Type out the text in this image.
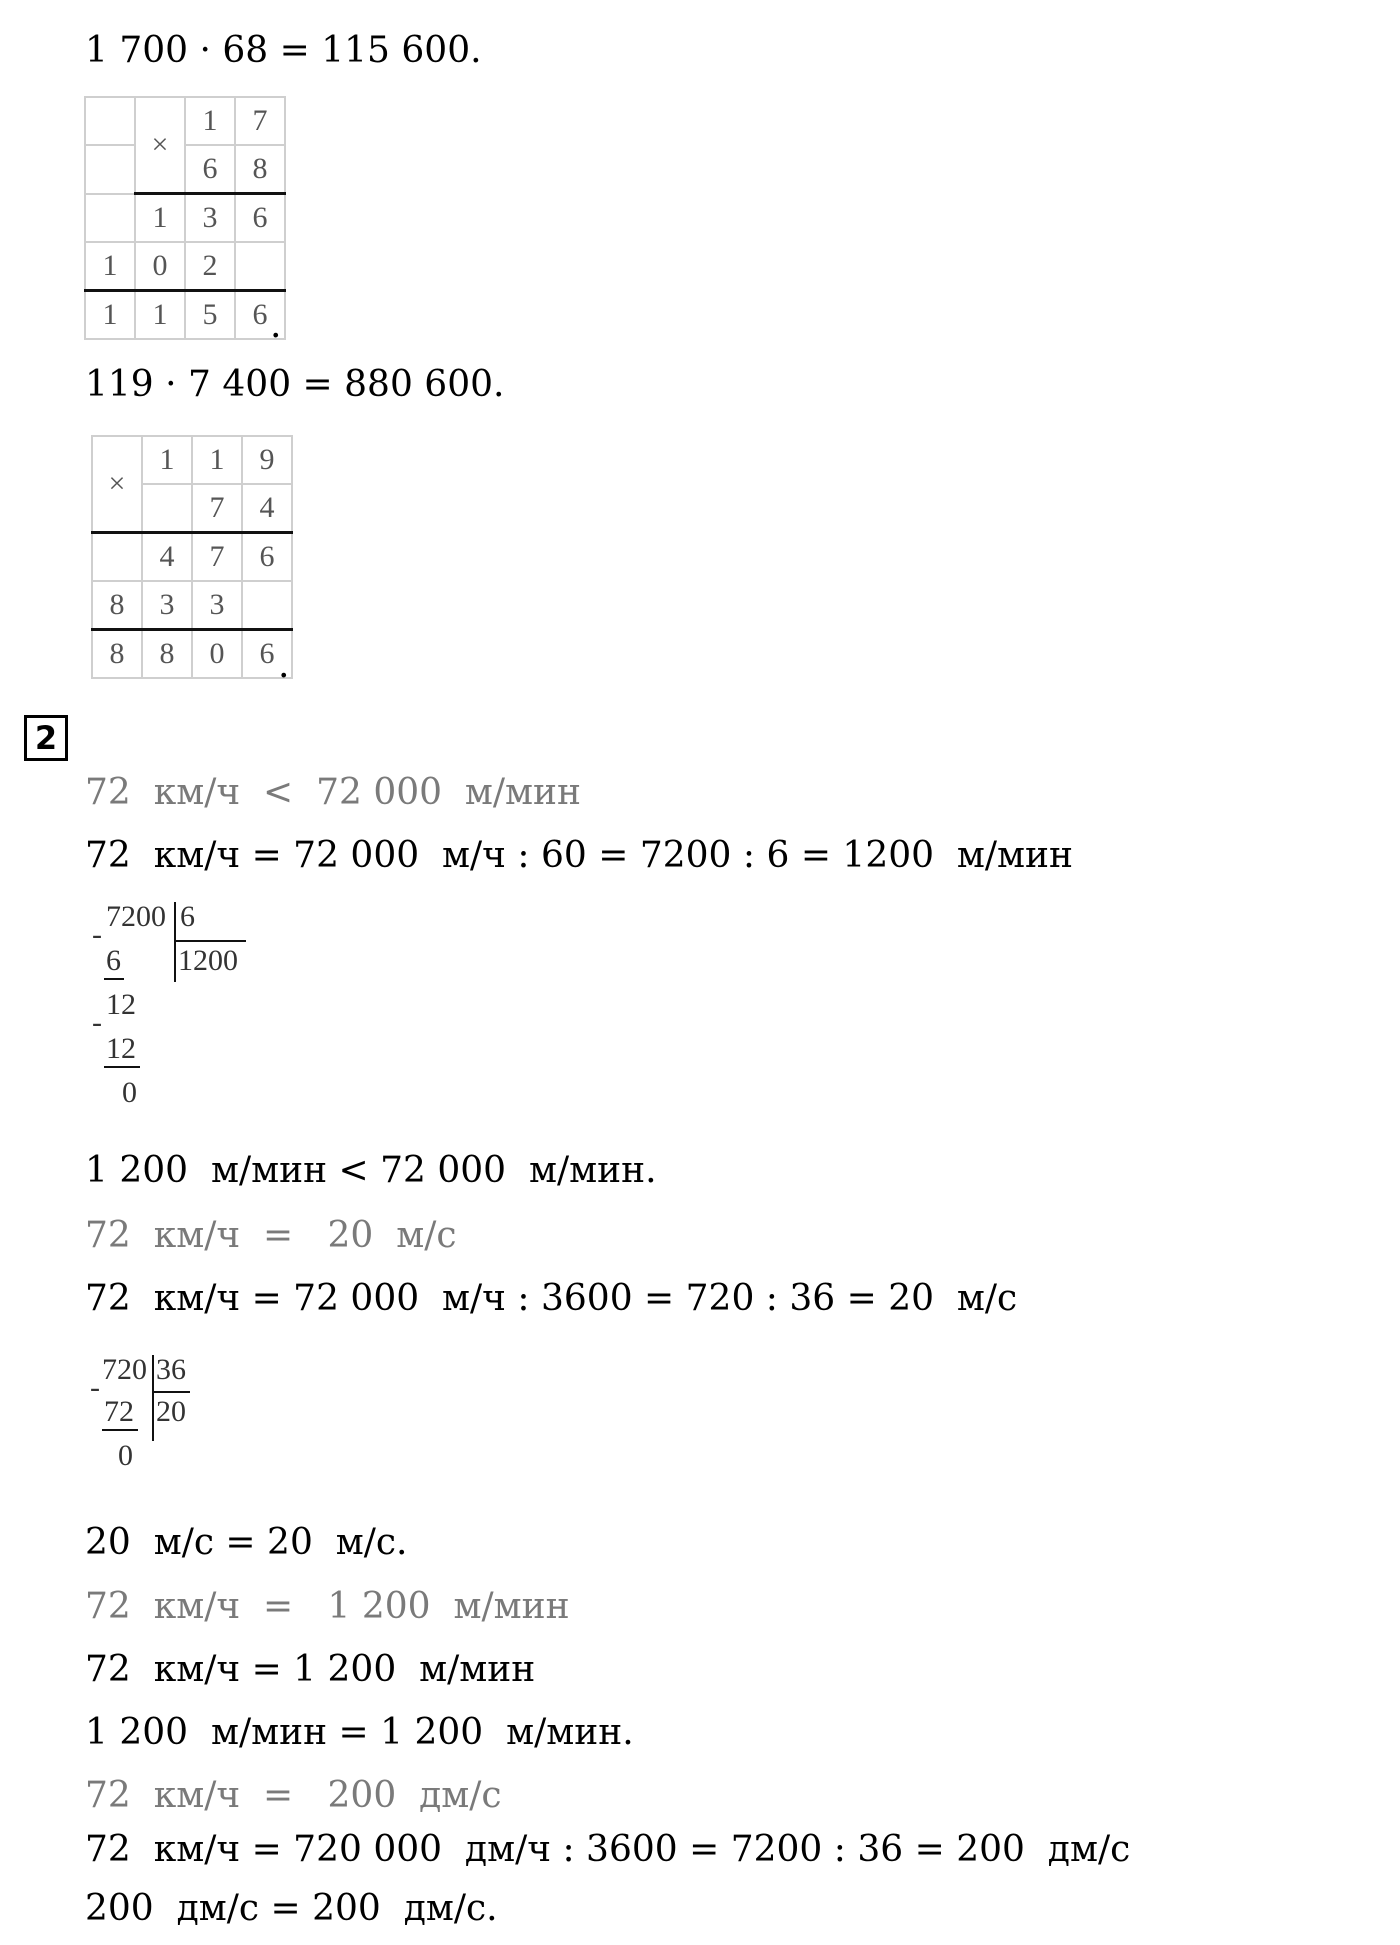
1 700 · 68 = 115 600.
	×	1	7
		6	8
	1	3	6
1	0	2	
1	1	5	6 .
119 · 7 400 = 880 600.
×	1	1	9
		7	4
	4	7	6
8	3	3	
8	8	0	6 .
2
72  км/ч  <  72 000  м/мин
72  км/ч = 72 000  м/ч : 60 = 7200 : 6 = 1200  м/мин
7200 6
1200
-
6
12
-
12
0
1 200  м/мин < 72 000  м/мин.
72  км/ч  =   20  м/с
72  км/ч = 72 000  м/ч : 3600 = 720 : 36 = 20  м/с
720 36
20
-
72
0
20  м/с = 20  м/с.
72  км/ч  =   1 200  м/мин
72  км/ч = 1 200  м/мин
1 200  м/мин = 1 200  м/мин.
72  км/ч  =   200  дм/с
72  км/ч = 720 000  дм/ч : 3600 = 7200 : 36 = 200  дм/с
200  дм/с = 200  дм/с.
